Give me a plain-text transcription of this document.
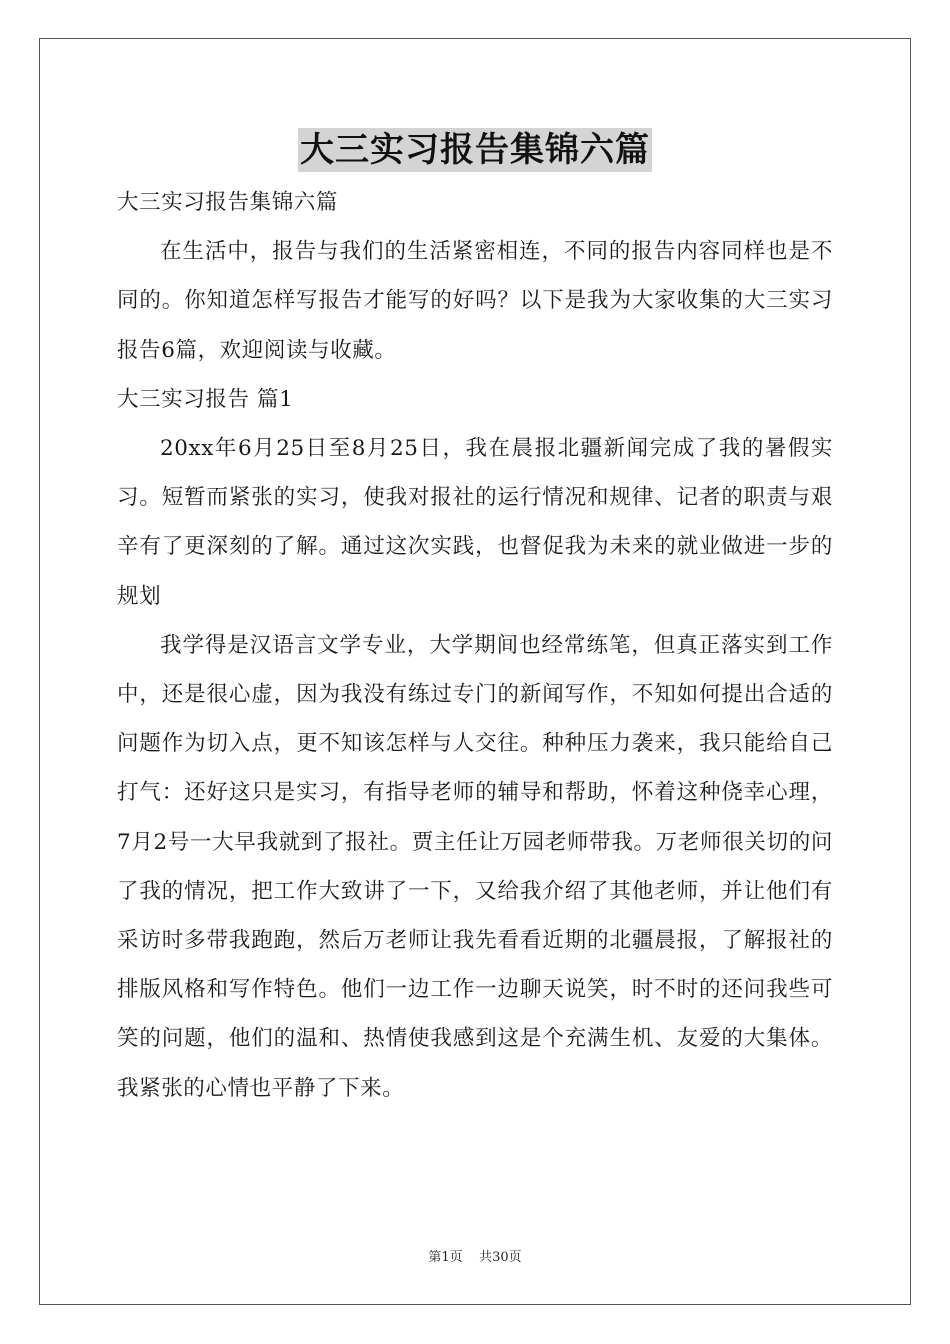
大三实习报告集锦六篇

大三实习报告集锦六篇

在生活中，报告与我们的生活紧密相连，不同的报告内容同样也是不同的。你知道怎样写报告才能写的好吗？以下是我为大家收集的大三实习报告6篇，欢迎阅读与收藏。

大三实习报告 篇1

20xx年6月25日至8月25日，我在晨报北疆新闻完成了我的暑假实习。短暂而紧张的实习，使我对报社的运行情况和规律、记者的职责与艰辛有了更深刻的了解。通过这次实践，也督促我为未来的就业做进一步的规划

我学得是汉语言文学专业，大学期间也经常练笔，但真正落实到工作中，还是很心虚，因为我没有练过专门的新闻写作，不知如何提出合适的问题作为切入点，更不知该怎样与人交往。种种压力袭来，我只能给自己打气：还好这只是实习，有指导老师的辅导和帮助，怀着这种侥幸心理，7月2号一大早我就到了报社。贾主任让万园老师带我。万老师很关切的问了我的情况，把工作大致讲了一下，又给我介绍了其他老师，并让他们有采访时多带我跑跑，然后万老师让我先看看近期的北疆晨报，了解报社的排版风格和写作特色。他们一边工作一边聊天说笑，时不时的还问我些可笑的问题，他们的温和、热情使我感到这是个充满生机、友爱的大集体。我紧张的心情也平静了下来。

第1页 共30页
